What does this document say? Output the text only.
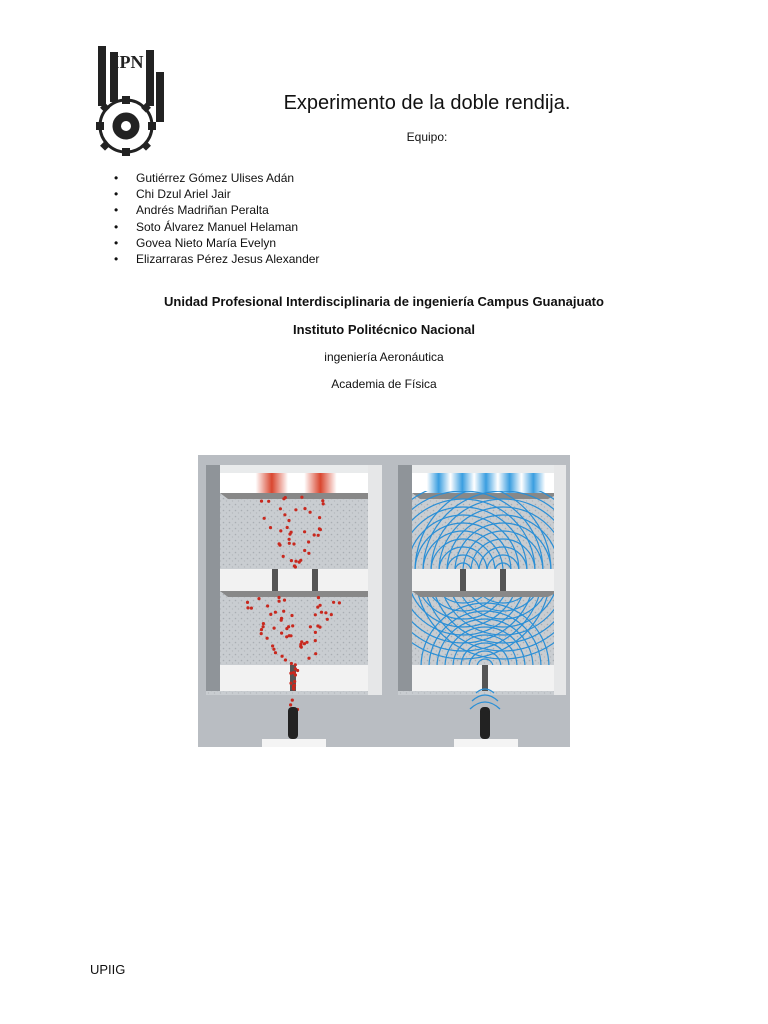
IPN
Experimento de la doble rendija.
Equipo:
• Gutiérrez Gómez Ulises Adán
• Chi Dzul Ariel Jair
• Andrés Madriñan Peralta
• Soto Álvarez Manuel Helaman
• Govea Nieto María Evelyn
• Elizarraras Pérez Jesus Alexander
Unidad Profesional Interdisciplinaria de ingeniería Campus Guanajuato
Instituto Politécnico Nacional
ingeniería Aeronáutica
Academia de Física
UPIIG
